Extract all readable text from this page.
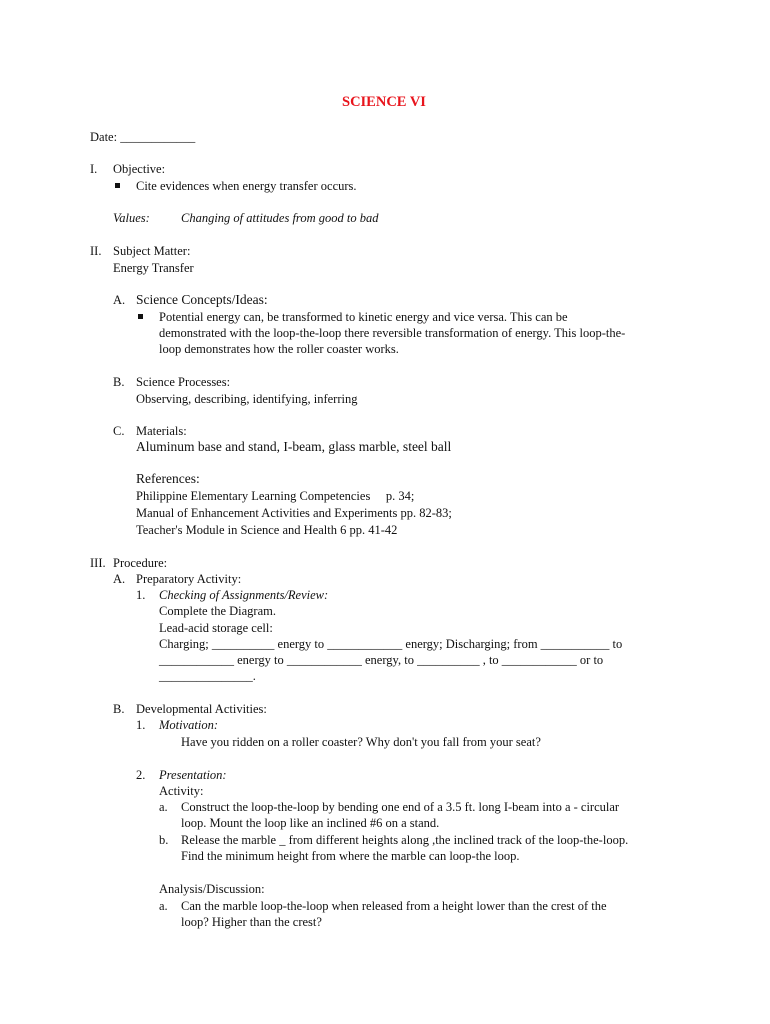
SCIENCE VI
Date: ____________
I. Objective:
Cite evidences when energy transfer occurs.
Values: Changing of attitudes from good to bad
II. Subject Matter:
Energy Transfer
A. Science Concepts/Ideas:
Potential energy can, be transformed to kinetic energy and vice versa. This can be
demonstrated with the loop-the-loop there reversible transformation of energy. This loop-the-
loop demonstrates how the roller coaster works.
B. Science Processes:
Observing, describing, identifying, inferring
C. Materials:
Aluminum base and stand, I-beam, glass marble, steel ball
References:
Philippine Elementary Learning Competencies     p. 34;
Manual of Enhancement Activities and Experiments pp. 82-83;
Teacher's Module in Science and Health 6 pp. 41-42
III. Procedure:
A. Preparatory Activity:
1. Checking of Assignments/Review:
Complete the Diagram.
Lead-acid storage cell:
Charging; __________ energy to ____________ energy; Discharging; from ___________ to
____________ energy to ____________ energy, to __________ , to ____________ or to
_______________.
B. Developmental Activities:
1. Motivation:
Have you ridden on a roller coaster? Why don't you fall from your seat?
2. Presentation:
Activity:
a. Construct the loop-the-loop by bending one end of a 3.5 ft. long I-beam into a - circular
loop. Mount the loop like an inclined #6 on a stand.
b. Release the marble _ from different heights along ,the inclined track of the loop-the-loop.
Find the minimum height from where the marble can loop-the loop.
Analysis/Discussion:
a. Can the marble loop-the-loop when released from a height lower than the crest of the
loop? Higher than the crest?
